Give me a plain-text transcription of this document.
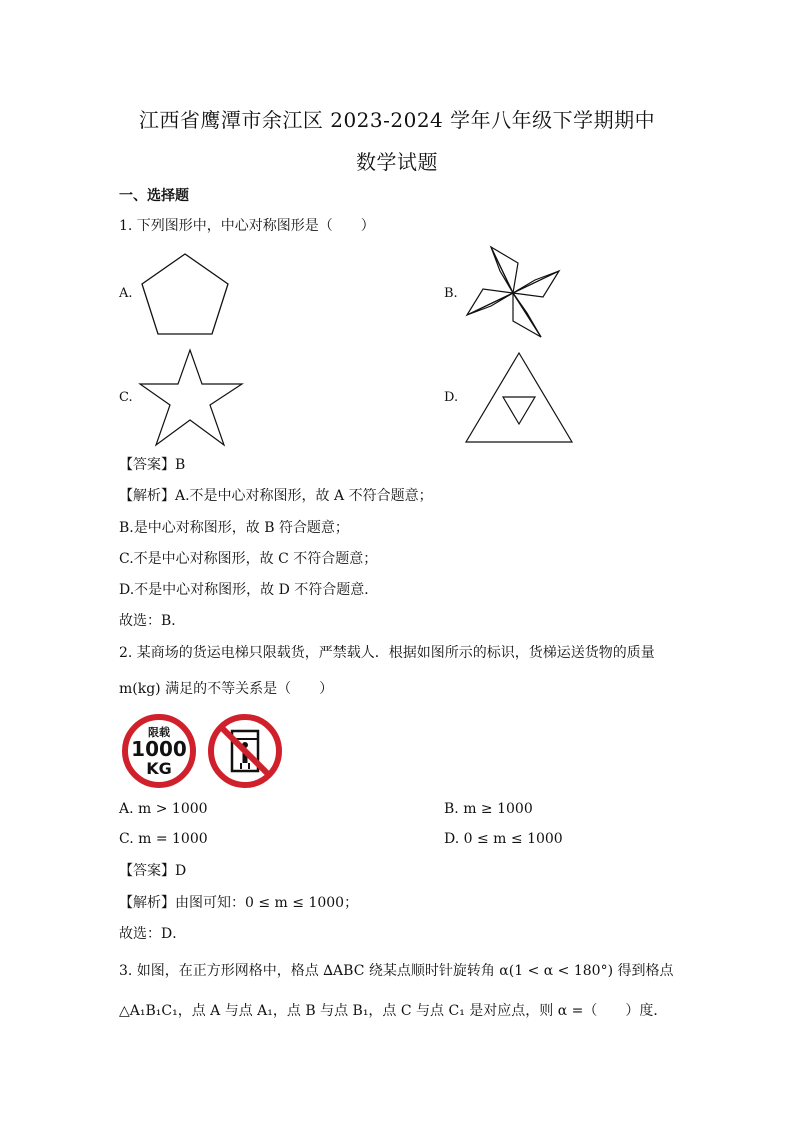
江西省鹰潭市余江区 2023-2024 学年八年级下学期期中
数学试题
一、选择题
1. 下列图形中，中心对称图形是（　　）
A.	B.
C.	D.
【答案】B
【解析】A.不是中心对称图形，故 A 不符合题意；
B.是中心对称图形，故 B 符合题意；
C.不是中心对称图形，故 C 不符合题意；
D.不是中心对称图形，故 D 不符合题意．
故选：B．
2. 某商场的货运电梯只限载货，严禁载人．根据如图所示的标识，货梯运送货物的质量
m(kg) 满足的不等关系是（　　）
限载
1000
KG
A. m > 1000	B. m ≥ 1000
C. m = 1000	D. 0 ≤ m ≤ 1000
【答案】D
【解析】由图可知：0 ≤ m ≤ 1000；
故选：D．
3. 如图，在正方形网格中，格点 ∆ABC 绕某点顺时针旋转角 α(1 < α < 180°) 得到格点
△A₁B₁C₁，点 A 与点 A₁，点 B 与点 B₁，点 C 与点 C₁ 是对应点，则 α =（　　）度．
